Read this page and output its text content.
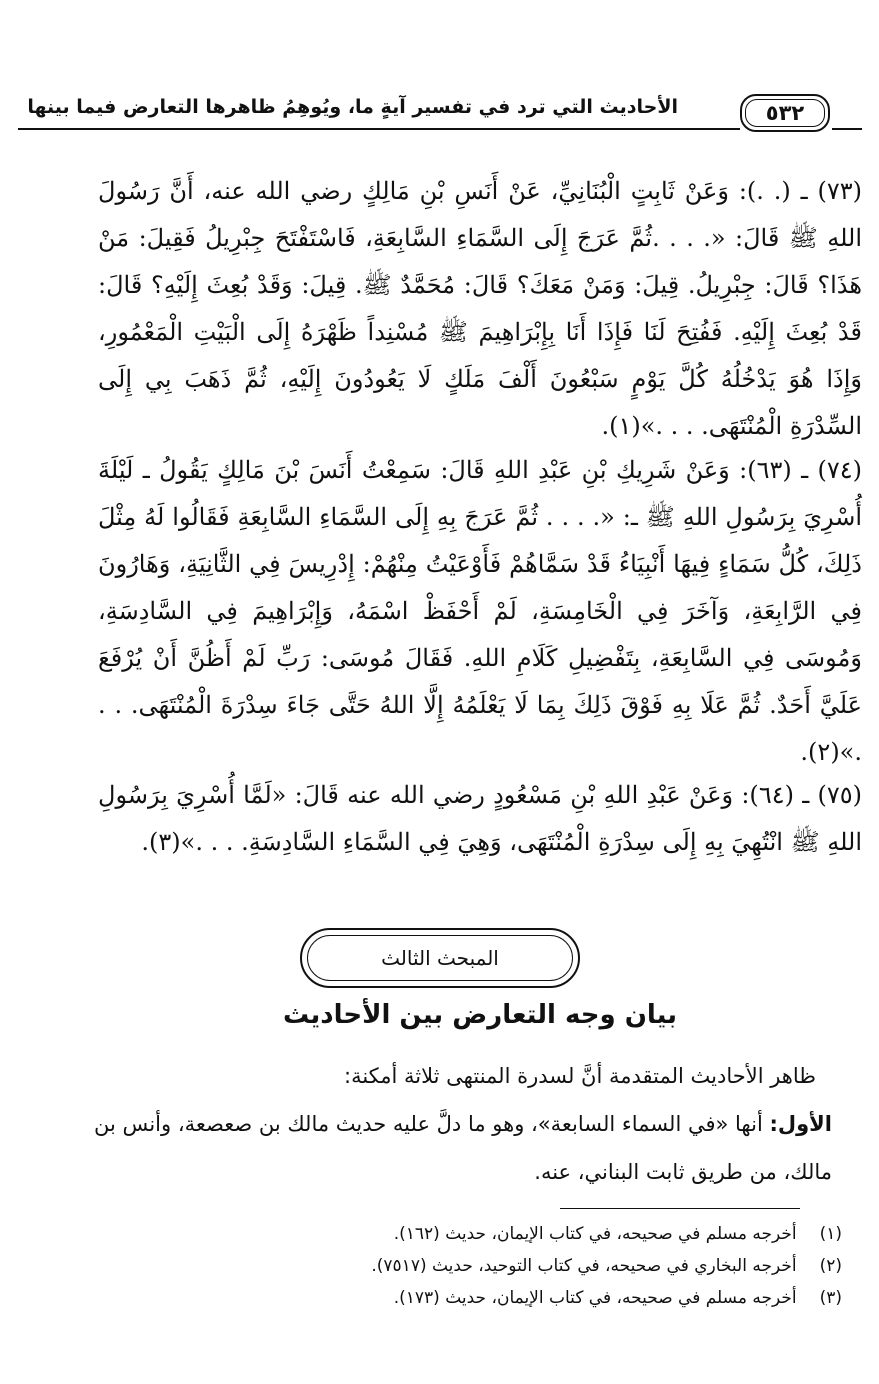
الأحاديث التي ترد في تفسير آيةٍ ما، ويُوهِمُ ظاهرها التعارض فيما بينها	٥٣٢
(٧٣) ـ (. .): وَعَنْ ثَابِتٍ الْبُنَانِيِّ، عَنْ أَنَسِ بْنِ مَالِكٍ رضي الله عنه، أَنَّ رَسُولَ اللهِ ﷺ قَالَ: «. . . .ثُمَّ عَرَجَ إِلَى السَّمَاءِ السَّابِعَةِ، فَاسْتَفْتَحَ جِبْرِيلُ فَقِيلَ: مَنْ هَذَا؟ قَالَ: جِبْرِيلُ. قِيلَ: وَمَنْ مَعَكَ؟ قَالَ: مُحَمَّدٌ ﷺ. قِيلَ: وَقَدْ بُعِثَ إِلَيْهِ؟ قَالَ: قَدْ بُعِثَ إِلَيْهِ. فَفُتِحَ لَنَا فَإِذَا أَنَا بِإِبْرَاهِيمَ ﷺ مُسْنِداً ظَهْرَهُ إِلَى الْبَيْتِ الْمَعْمُورِ، وَإِذَا هُوَ يَدْخُلُهُ كُلَّ يَوْمٍ سَبْعُونَ أَلْفَ مَلَكٍ لَا يَعُودُونَ إِلَيْهِ، ثُمَّ ذَهَبَ بِي إِلَى السِّدْرَةِ الْمُنْتَهَى. . . .»(١).
(٧٤) ـ (٦٣): وَعَنْ شَرِيكِ بْنِ عَبْدِ اللهِ قَالَ: سَمِعْتُ أَنَسَ بْنَ مَالِكٍ يَقُولُ ـ لَيْلَةَ أُسْرِيَ بِرَسُولِ اللهِ ﷺ ـ: «. . . . ثُمَّ عَرَجَ بِهِ إِلَى السَّمَاءِ السَّابِعَةِ فَقَالُوا لَهُ مِثْلَ ذَلِكَ، كُلُّ سَمَاءٍ فِيهَا أَنْبِيَاءُ قَدْ سَمَّاهُمْ فَأَوْعَيْتُ مِنْهُمْ: إِدْرِيسَ فِي الثَّانِيَةِ، وَهَارُونَ فِي الرَّابِعَةِ، وَآخَرَ فِي الْخَامِسَةِ، لَمْ أَحْفَظْ اسْمَهُ، وَإِبْرَاهِيمَ فِي السَّادِسَةِ، وَمُوسَى فِي السَّابِعَةِ، بِتَفْضِيلِ كَلَامِ اللهِ. فَقَالَ مُوسَى: رَبِّ لَمْ أَظُنَّ أَنْ يُرْفَعَ عَلَيَّ أَحَدٌ. ثُمَّ عَلَا بِهِ فَوْقَ ذَلِكَ بِمَا لَا يَعْلَمُهُ إِلَّا اللهُ حَتَّى جَاءَ سِدْرَةَ الْمُنْتَهَى. . . .»(٢).
(٧٥) ـ (٦٤): وَعَنْ عَبْدِ اللهِ بْنِ مَسْعُودٍ رضي الله عنه قَالَ: «لَمَّا أُسْرِيَ بِرَسُولِ اللهِ ﷺ انْتُهِيَ بِهِ إِلَى سِدْرَةِ الْمُنْتَهَى، وَهِيَ فِي السَّمَاءِ السَّادِسَةِ. . . .»(٣).
المبحث الثالث
بيان وجه التعارض بين الأحاديث
ظاهر الأحاديث المتقدمة أنَّ لسدرة المنتهى ثلاثة أمكنة:
الأول: أنها «في السماء السابعة»، وهو ما دلَّ عليه حديث مالك بن صعصعة، وأنس بن مالك، من طريق ثابت البناني، عنه.
(١) أخرجه مسلم في صحيحه، في كتاب الإيمان، حديث (١٦٢).
(٢) أخرجه البخاري في صحيحه، في كتاب التوحيد، حديث (٧٥١٧).
(٣) أخرجه مسلم في صحيحه، في كتاب الإيمان، حديث (١٧٣).
